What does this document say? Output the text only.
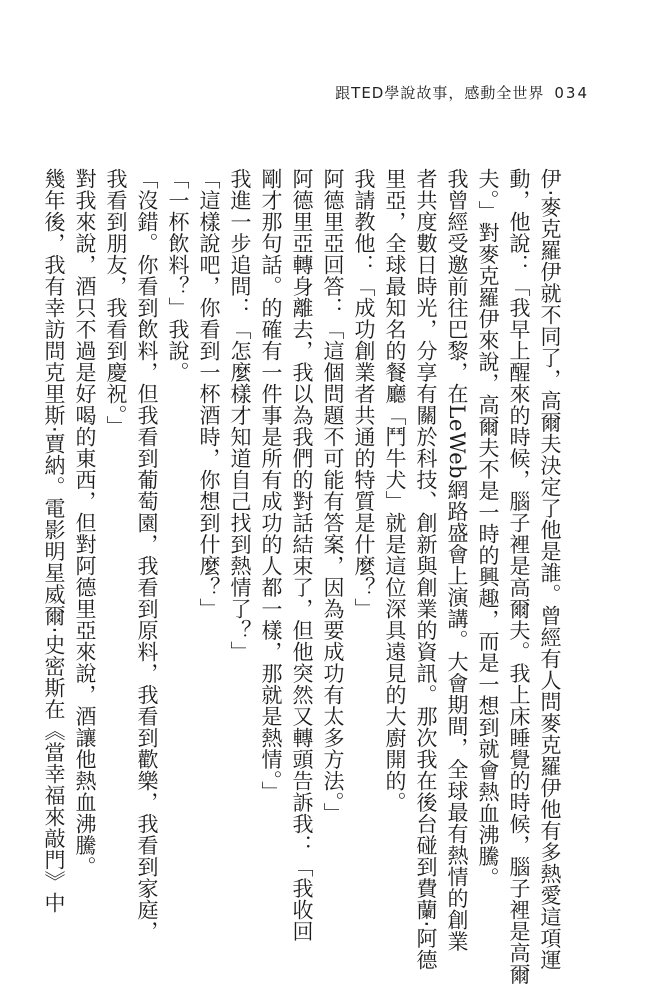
跟TED學說故事，感動全世界 034
伊‧麥克羅伊就不同了，高爾夫決定了他是誰。曾經有人問麥克羅伊他有多熱愛這項運
動，他說：「我早上醒來的時候，腦子裡是高爾夫。我上床睡覺的時候，腦子裡是高爾
夫。」對麥克羅伊來說，高爾夫不是一時的興趣，而是一想到就會熱血沸騰。
我曾經受邀前往巴黎，在LeWeb網路盛會上演講。大會期間，全球最有熱情的創業
者共度數日時光，分享有關於科技、創新與創業的資訊。那次我在後台碰到費蘭‧阿德
里亞，全球最知名的餐廳「鬥牛犬」就是這位深具遠見的大廚開的。
我請教他：「成功創業者共通的特質是什麼？」
阿德里亞回答：「這個問題不可能有答案，因為要成功有太多方法。」
阿德里亞轉身離去，我以為我們的對話結束了，但他突然又轉頭告訴我：「我收回
剛才那句話。的確有一件事是所有成功的人都一樣，那就是熱情。」
我進一步追問：「怎麼樣才知道自己找到熱情了？」
「這樣說吧，你看到一杯酒時，你想到什麼？」
「一杯飲料？」我說。
「沒錯。你看到飲料，但我看到葡萄園，我看到原料，我看到歡樂，我看到家庭，
我看到朋友，我看到慶祝。」
對我來說，酒只不過是好喝的東西，但對阿德里亞來說，酒讓他熱血沸騰。
幾年後，我有幸訪問克里斯‧賈納。電影明星威爾‧史密斯在《當幸福來敲門》中
